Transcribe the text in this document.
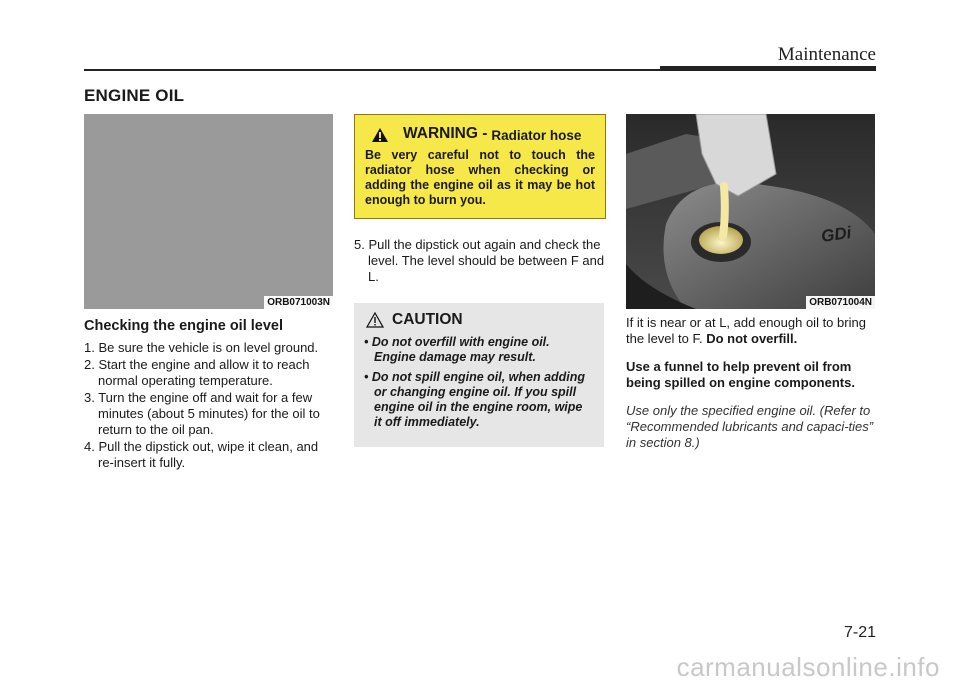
Maintenance
ENGINE OIL
ORB071003N
Checking the engine oil level
1. Be sure the vehicle is on level ground.
2. Start the engine and allow it to reach normal operating temperature.
3. Turn the engine off and wait for a few minutes (about 5 minutes) for the oil to return to the oil pan.
4. Pull the dipstick out, wipe it clean, and re-insert it fully.
WARNING - Radiator hose
Be very careful not to touch the radiator hose when checking or adding the engine oil as it may be hot enough to burn you.
5. Pull the dipstick out again and check the level. The level should be between F and L.
CAUTION
• Do not overfill with engine oil. Engine damage may result.
• Do not spill engine oil, when adding or changing engine oil. If you spill engine oil in the engine room, wipe it off immediately.
GDi
ORB071004N
If it is near or at L, add enough oil to bring the level to F. Do not overfill.
Use a funnel to help prevent oil from being spilled on engine components.
Use only the specified engine oil. (Refer to “Recommended lubricants and capaci-ties” in section 8.)
7-21
carmanualsonline.info
